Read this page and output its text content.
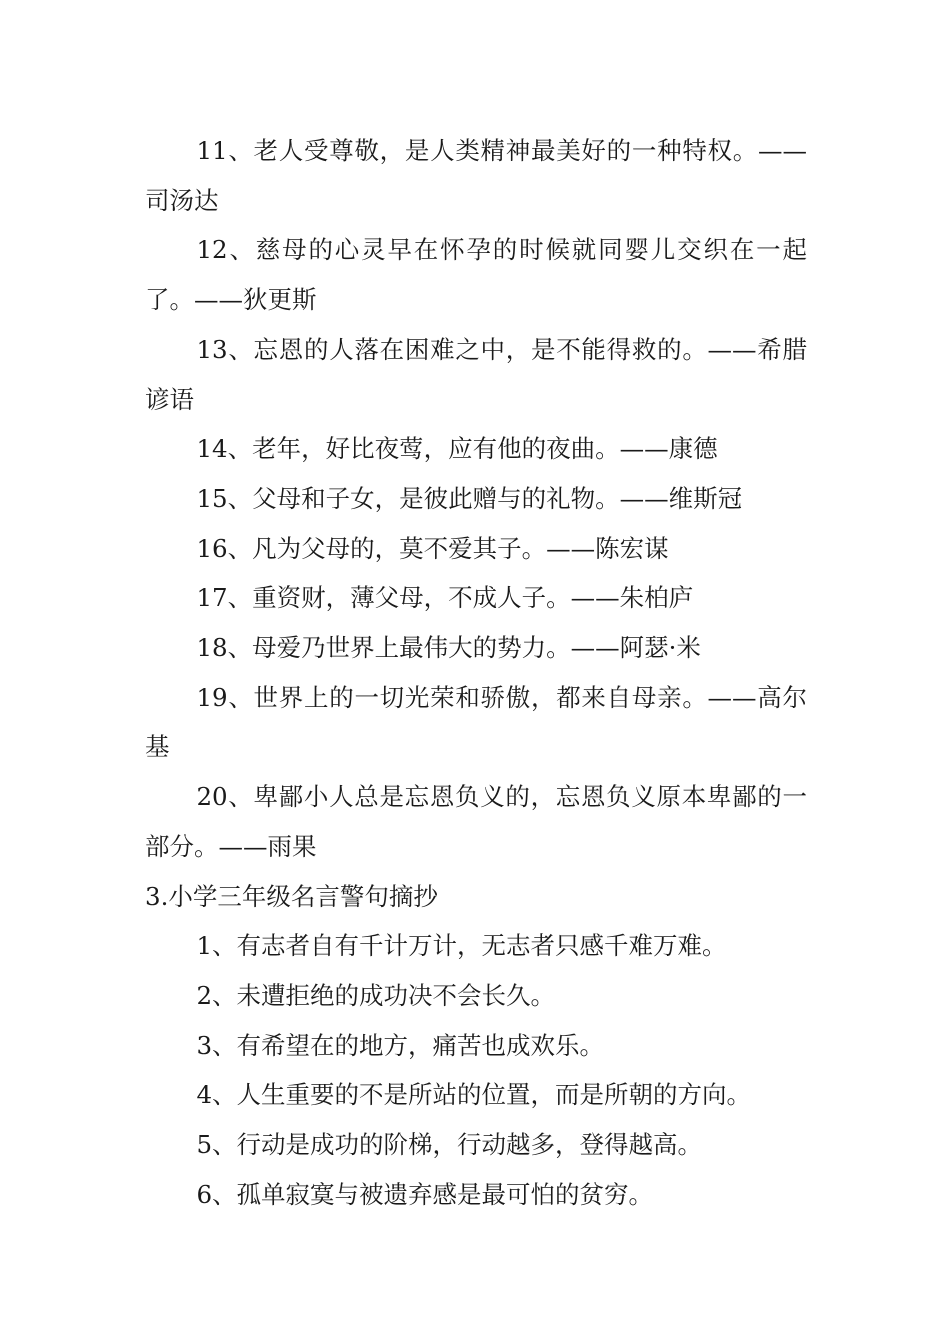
11、老人受尊敬，是人类精神最美好的一种特权。——司汤达

12、慈母的心灵早在怀孕的时候就同婴儿交织在一起了。——狄更斯

13、忘恩的人落在困难之中，是不能得救的。——希腊谚语

14、老年，好比夜莺，应有他的夜曲。——康德

15、父母和子女，是彼此赠与的礼物。——维斯冠

16、凡为父母的，莫不爱其子。——陈宏谋

17、重资财，薄父母，不成人子。——朱柏庐

18、母爱乃世界上最伟大的势力。——阿瑟·米

19、世界上的一切光荣和骄傲，都来自母亲。——高尔基

20、卑鄙小人总是忘恩负义的，忘恩负义原本卑鄙的一部分。——雨果

3.小学三年级名言警句摘抄

1、有志者自有千计万计，无志者只感千难万难。

2、未遭拒绝的成功决不会长久。

3、有希望在的地方，痛苦也成欢乐。

4、人生重要的不是所站的位置，而是所朝的方向。

5、行动是成功的阶梯，行动越多，登得越高。

6、孤单寂寞与被遗弃感是最可怕的贫穷。
